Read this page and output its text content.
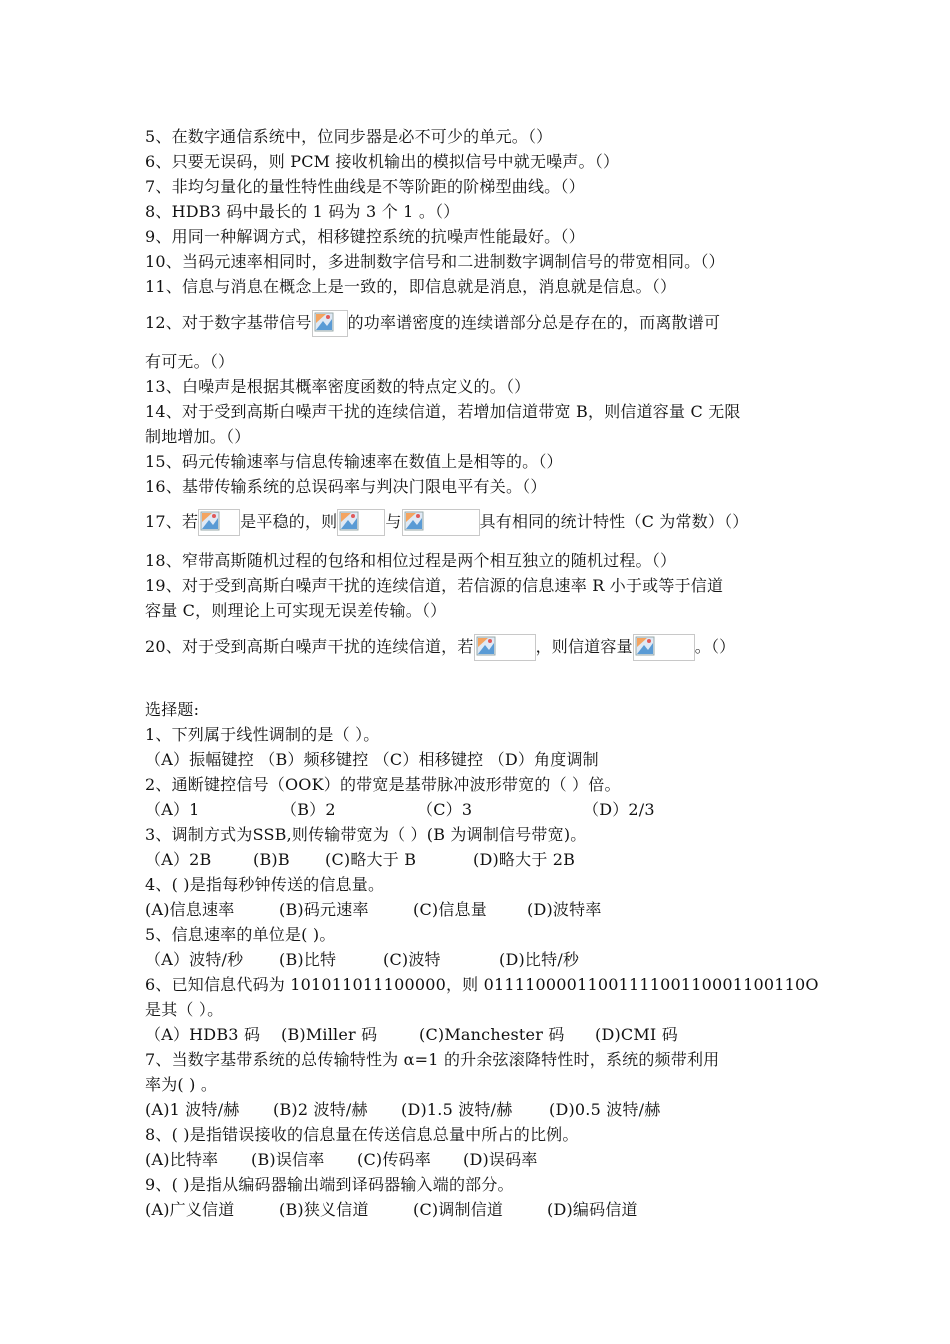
5、在数字通信系统中，位同步器是必不可少的单元。（）
6、只要无误码，则 PCM 接收机输出的模拟信号中就无噪声。（）
7、非均匀量化的量性特性曲线是不等阶距的阶梯型曲线。（）
8、HDB3 码中最长的 1 码为 3 个 1 。（）
9、用同一种解调方式，相移键控系统的抗噪声性能最好。（）
10、当码元速率相同时，多进制数字信号和二进制数字调制信号的带宽相同。（）
11、信息与消息在概念上是一致的，即信息就是消息，消息就是信息。（）
12、对于数字基带信号 的功率谱密度的连续谱部分总是存在的，而离散谱可
有可无。（）
13、白噪声是根据其概率密度函数的特点定义的。（）
14、对于受到高斯白噪声干扰的连续信道，若增加信道带宽 B，则信道容量 C 无限
制地增加。（）
15、码元传输速率与信息传输速率在数值上是相等的。（）
16、基带传输系统的总误码率与判决门限电平有关。（）
17、若	是平稳的，则	与	具有相同的统计特性（C 为常数）（）
18、窄带高斯随机过程的包络和相位过程是两个相互独立的随机过程。（）
19、对于受到高斯白噪声干扰的连续信道，若信源的信息速率 R 小于或等于信道
容量 C，则理论上可实现无误差传输。（）
20、对于受到高斯白噪声干扰的连续信道，若	，则信道容量	。（）
选择题:
1、下列属于线性调制的是（ ）。
（A）振幅键控 （B）频移键控 （C）相移键控 （D）角度调制
2、通断键控信号（OOK）的带宽是基带脉冲波形带宽的（ ）倍。
（A）1	（B）2	（C）3	（D）2/3
3、调制方式为SSB,则传输带宽为（ ）(B 为调制信号带宽)。
（A）2B	(B)B (C)略大于 B	(D)略大于 2B
4、( )是指每秒钟传送的信息量。
(A)信息速率	(B)码元速率	(C)信息量	(D)波特率
5、信息速率的单位是( )。
（A）波特/秒 (B)比特	(C)波特	(D)比特/秒
6、已知信息代码为 101011011100000，则 0111100001100111100110001100110O
是其（ ）。
（A）HDB3 码 (B)Miller 码	(C)Manchester 码 (D)CMI 码
7、当数字基带系统的总传输特性为 α=1 的升余弦滚降特性时，系统的频带利用
率为( ) 。
(A)1 波特/赫 (B)2 波特/赫 (D)1.5 波特/赫 (D)0.5 波特/赫
8、( )是指错误接收的信息量在传送信息总量中所占的比例。
(A)比特率 (B)误信率 (C)传码率 (D)误码率
9、( )是指从编码器输出端到译码器输入端的部分。
(A)广义信道	(B)狭义信道	(C)调制信道	(D)编码信道
